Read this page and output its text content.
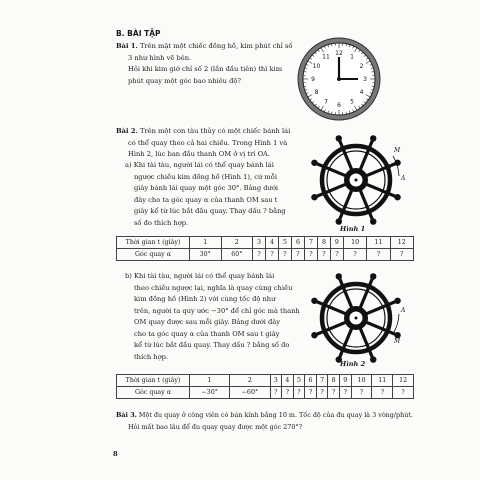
B. BÀI TẬP
Bài 1. Trên mặt một chiếc đồng hồ, kim phút chỉ số
3 như hình vẽ bên.
Hỏi khi kim giờ chỉ số 2 (lần đầu tiên) thì kim
phút quay một góc bao nhiêu độ?
12 1
2
3
4
5
6
7
8
9
10
11
Bài 2. Trên một con tàu thủy có một chiếc bánh lái
có thể quay theo cả hai chiều. Trong Hình 1 và
Hình 2, lúc ban đầu thanh OM ở vị trí OA.
a) Khi tài tàu, người lái có thể quay bánh lái
ngược chiều kim đồng hồ (Hình 1), cứ mỗi
giây bánh lái quay một góc 30°. Bảng dưới
đây cho ta góc quay α của thanh OM sau t
giây kể từ lúc bắt đầu quay. Thay dấu ? bằng
số đo thích hợp.
M
A
α
Hình 1
Thời gian t (giây)	1	2	3	4	5	6	7	8	9	10	11	12
Góc quay α	30°	60°	?	?	?	?	?	?	?	?	?	?
b) Khi tài tàu, người lái có thể quay bánh lái
theo chiều ngược lại, nghĩa là quay cùng chiều
kim đồng hồ (Hình 2) với cùng tốc độ như
trên, người ta quy ước −30° để chỉ góc mà thanh
OM quay được sau mỗi giây. Bảng dưới đây
cho ta góc quay α của thanh OM sau t giây
kể từ lúc bắt đầu quay. Thay dấu ? bằng số đo
thích hợp.
A
M
α
Hình 2
Thời gian t (giây)	1	2	3	4	5	6	7	8	9	10	11	12
Góc quay α	−30°	−60°	?	?	?	?	?	?	?	?	?	?
Bài 3. Một đu quay ở công viên có bán kính bằng 10 m. Tốc độ của đu quay là 3 vòng/phút.
Hỏi mất bao lâu để đu quay quay được một góc 270°?
8
